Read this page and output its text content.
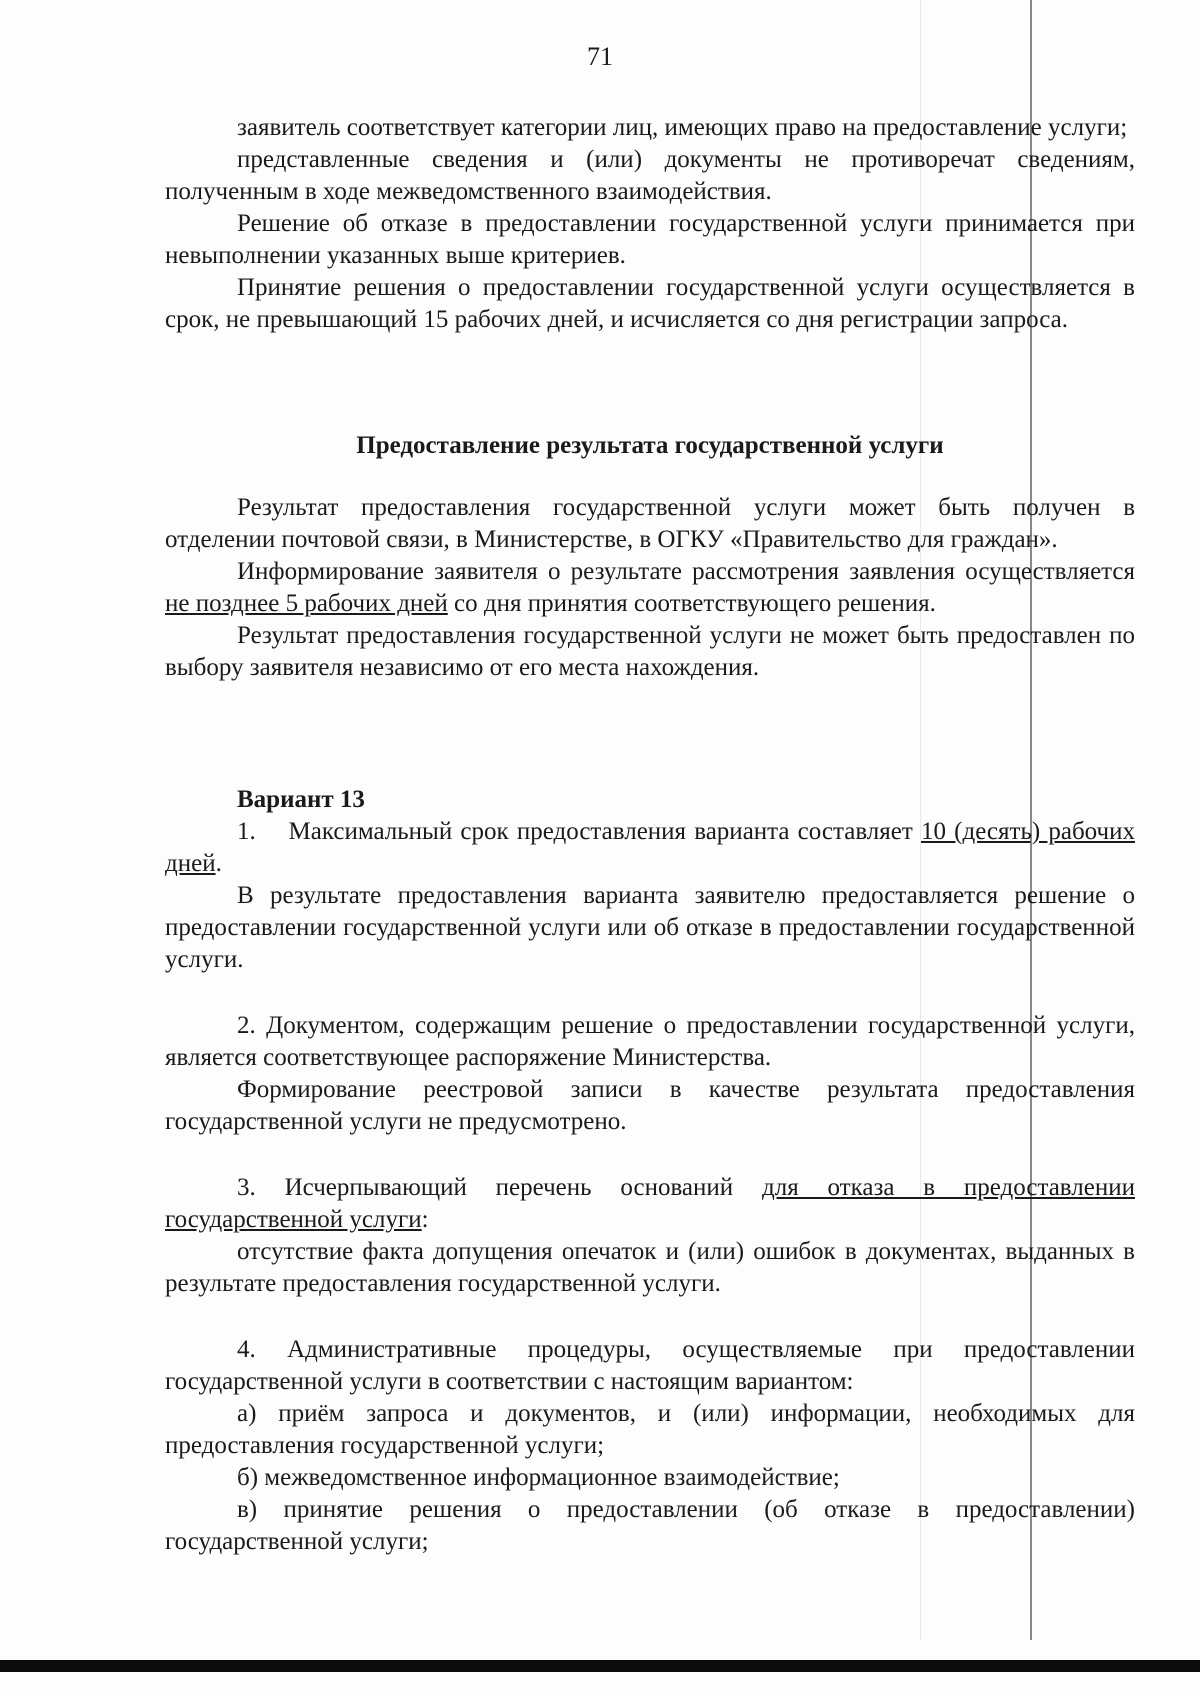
71

заявитель соответствует категории лиц, имеющих право на предоставление услуги;

представленные сведения и (или) документы не противоречат сведениям, полученным в ходе межведомственного взаимодействия.

Решение об отказе в предоставлении государственной услуги принимается при невыполнении указанных выше критериев.

Принятие решения о предоставлении государственной услуги осуществляется в срок, не превышающий 15 рабочих дней, и исчисляется со дня регистрации запроса.

Предоставление результата государственной услуги

Результат предоставления государственной услуги может быть получен в отделении почтовой связи, в Министерстве, в ОГКУ «Правительство для граждан».

Информирование заявителя о результате рассмотрения заявления осуществляется не позднее 5 рабочих дней со дня принятия соответствующего решения.

Результат предоставления государственной услуги не может быть предоставлен по выбору заявителя независимо от его места нахождения.

Вариант 13

1.    Максимальный срок предоставления варианта составляет 10 (десять) рабочих дней.

В результате предоставления варианта заявителю предоставляется решение о предоставлении государственной услуги или об отказе в предоставлении государственной услуги.

2. Документом, содержащим решение о предоставлении государственной услуги, является соответствующее распоряжение Министерства.

Формирование реестровой записи в качестве результата предоставления государственной услуги не предусмотрено.

3. Исчерпывающий перечень оснований для отказа в предоставлении государственной услуги:

отсутствие факта допущения опечаток и (или) ошибок в документах, выданных в результате предоставления государственной услуги.

4. Административные процедуры, осуществляемые при предоставлении государственной услуги в соответствии с настоящим вариантом:

а) приём запроса и документов, и (или) информации, необходимых для предоставления государственной услуги;

б) межведомственное информационное взаимодействие;

в) принятие решения о предоставлении (об отказе в предоставлении) государственной услуги;
